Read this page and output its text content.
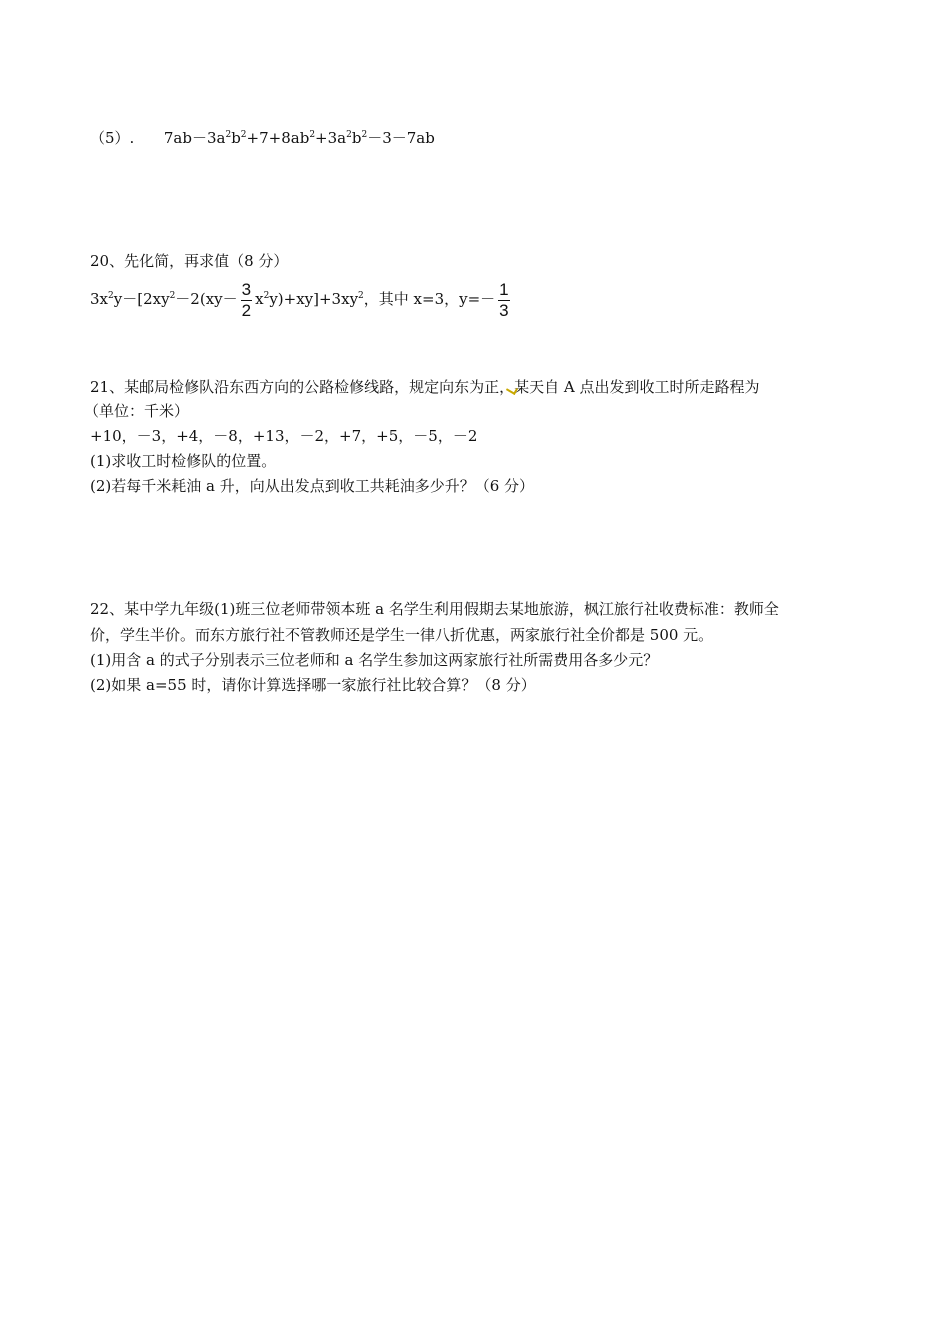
（5）. $7ab-3a^2b^2+7+8ab^2+3a^2b^2-3-7ab$
20、先化简，再求值（8 分）
$3x^2y-[2xy^2-2(xy- \frac{3}{2} x^2y)+xy]+3xy^2$，其中 x=3，$y=- \frac{1}{3}$
21、某邮局检修队沿东西方向的公路检修线路，规定向东为正，某天自 A 点出发到收工时所走路程为
（单位：千米）
+10，－3，+4，－8，+13，－2，+7，+5，－5，－2
(1)求收工时检修队的位置。
(2)若每千米耗油 a 升，向从出发点到收工共耗油多少升？（6 分）
22、某中学九年级(1)班三位老师带领本班 a 名学生利用假期去某地旅游，枫江旅行社收费标准：教师全
价，学生半价。而东方旅行社不管教师还是学生一律八折优惠，两家旅行社全价都是 500 元。
(1)用含 a 的式子分别表示三位老师和 a 名学生参加这两家旅行社所需费用各多少元？
(2)如果 a=55 时，请你计算选择哪一家旅行社比较合算？（8 分）
